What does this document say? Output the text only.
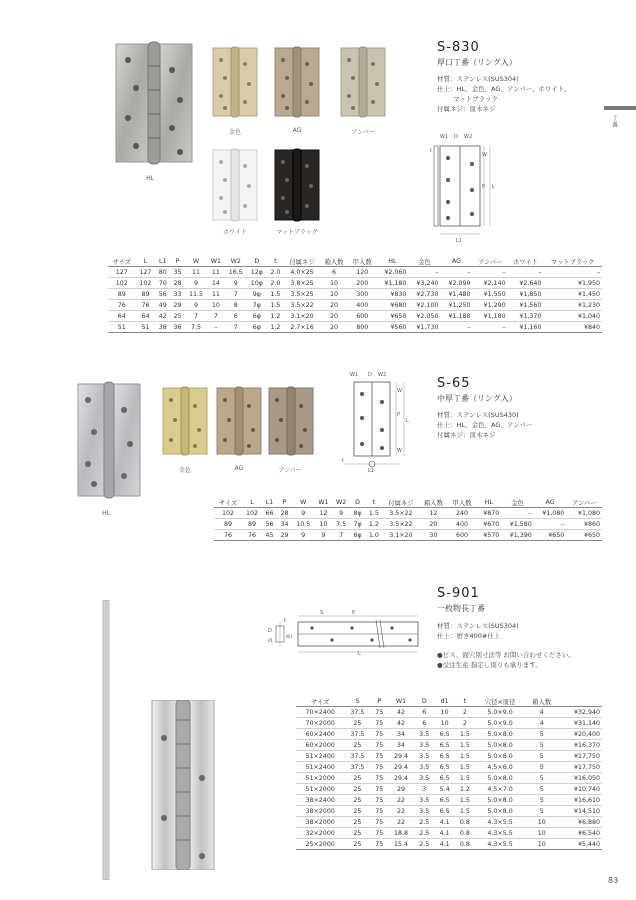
丁番
HL
金色	AG	アンバー
ホワイト	マットブラック
S-830
厚口丁番（リング入）
材質：ステンレス(SUS304)
仕上：HL、金色、AG、アンバー、ホワイト、
マットブラック
付属ネジ：皿木ネジ
W1 D W2
t
W
P L
L1
サイズ	L	L1	P	W	W1	W2	D	t	付属ネジ	箱入数	甲入数	HL	金色	AG	アンバー	ホワイト	マットブラック
127	127	80	35	11	11	16.5	12φ	2.0	4.0×25	6	120	¥2,060	–	–	–	–	–
102	102	70	28	9	14	9	10φ	2.0	3.8×25	10	200	¥1,180	¥3,240	¥2,090	¥2,140	¥2,640	¥1,950
89	89	56	33	11.5	11	7	9φ	1.5	3.5×25	10	300	¥830	¥2,730	¥1,480	¥1,550	¥1,850	¥1,450
76	76	49	29	9	10	8	7φ	1.5	3.5×22	20	400	¥680	¥2,100	¥1,250	¥1,290	¥1,560	¥1,230
64	64	42	25	7	7	6	6φ	1.2	3.1×20	20	600	¥650	¥2,050	¥1,180	¥1,180	¥1,370	¥1,040
51	51	38	36	7.5	–	7	6φ	1.2	2.7×16	20	800	¥560	¥1,730	–	–	¥1,160	¥840
HL
金色	AG	アンバー
W1 D W2
W
P
L
W
L1
t
S-65
中厚丁番（リング入）
材質：ステンレス(SUS430)
仕上：HL、金色、AG、アンバー
付属ネジ：皿木ネジ
サイズ	L	L1	P	W	W1	W2	D	t	付属ネジ	箱入数	甲入数	HL	金色	AG	アンバー
102	102	66	28	9	12	9	8φ	1.5	3.5×22	12	240	¥870	–	¥1,080	¥1,080
89	89	56	34	10.5	10	7.5	7φ	1.2	3.5×22	20	400	¥670	¥1,580	–	¥860
76	76	45	29	9	9	7	6φ	1.0	3.1×20	30	600	¥570	¥1,390	¥650	¥650
S-901
一枚物長丁番
材質：ステンレス(SUS304)
仕上：磨き400#仕上
●ビス、面穴別寸法等 お問い合わせください。
●受注生産 指定し別りも承ります。
S	P
L
t
D
W1
d1
サイズ	S	P	W1	D	d1	t	穴径×皿径	箱入数	
70×2400	37.5	75	42	6	10	2	5.0×9.0	4	¥32,940
70×2000	25	75	42	6	10	2	5.0×9.0	4	¥31,140
60×2400	37.5	75	34	3.5	6.5	1.5	5.0×8.0	5	¥20,400
60×2000	25	75	34	3.5	6.5	1.5	5.0×8.0	5	¥16,370
51×2400	37.5	75	29.4	3.5	6.5	1.5	5.0×8.0	5	¥17,750
51×2400	37.5	75	29.4	3.5	6.5	1.5	4.5×6.0	5	¥17,750
51×2000	25	75	29.4	3.5	6.5	1.5	5.0×8.0	5	¥16,050
51×2000	25	75	29	3	5.4	1.2	4.5×7.0	5	¥10,740
38×2400	25	75	22	3.5	6.5	1.5	5.0×8.0	5	¥16,610
38×2000	25	75	22	3.5	6.5	1.5	5.0×8.0	5	¥14,510
38×2000	25	75	22	2.5	4.1	0.8	4.3×5.5	10	¥6,880
32×2000	25	75	18.8	2.5	4.1	0.8	4.3×5.5	10	¥6,540
25×2000	25	75	15.4	2.5	4.1	0.8	4.3×5.5	10	¥5,440
83
